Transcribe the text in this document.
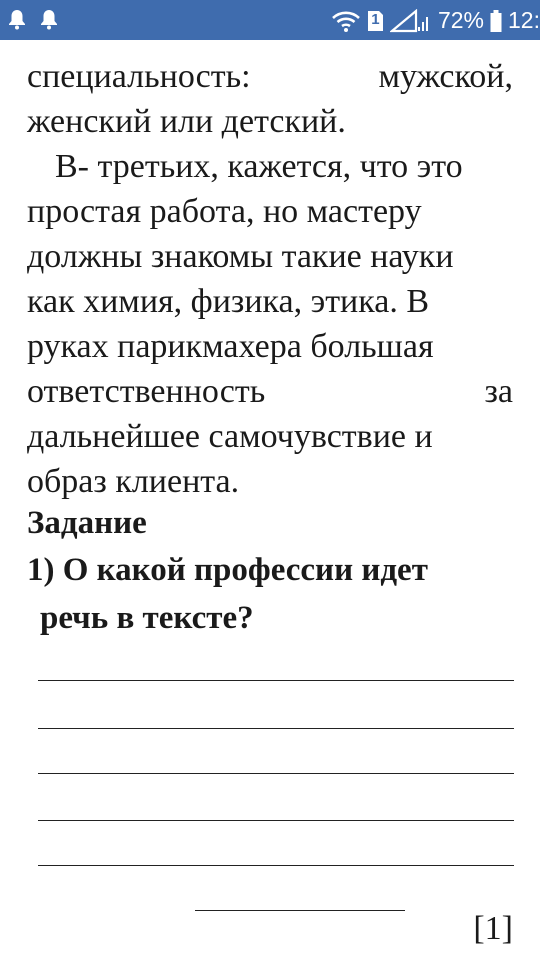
1	72% 12:
специальность:	мужской,
женский или детский.
В- третьих, кажется, что это
простая работа, но мастеру
должны знакомы такие науки
как химия, физика, этика. В
руках парикмахера большая
ответственность	за
дальнейшее самочувствие и
образ клиента.
Задание
1) О какой профессии идет
речь в тексте?
[1]
